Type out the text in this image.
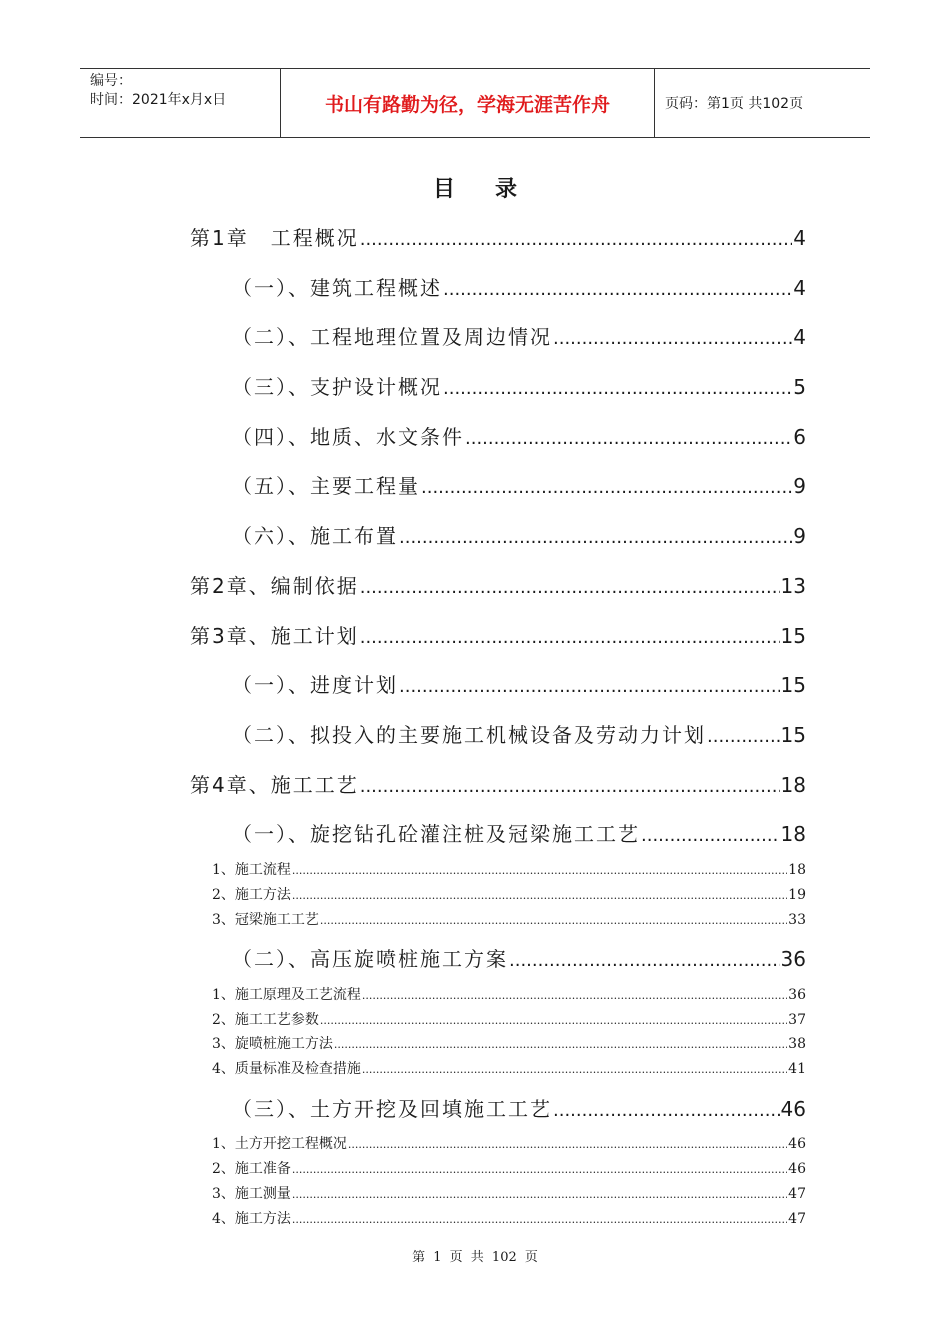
编号：
时间：2021年x月x日	书山有路勤为径，学海无涯苦作舟	页码：第1页 共102页
目录
第1章　工程概况 .....	4
（一）、建筑工程概述 .....	4
（二）、工程地理位置及周边情况 .....	4
（三）、支护设计概况 .....	5
（四）、地质、水文条件 .....	6
（五）、主要工程量 .....	9
（六）、施工布置 .....	9
第2章、编制依据 .....	13
第3章、施工计划 .....	15
（一）、进度计划 .....	15
（二）、拟投入的主要施工机械设备及劳动力计划 .....	15
第4章、施工工艺 .....	18
（一）、旋挖钻孔砼灌注桩及冠梁施工工艺 .....	18
1、施工流程 .....	18
2、施工方法 .....	19
3、冠梁施工工艺 .....	33
（二）、高压旋喷桩施工方案 .....	36
1、施工原理及工艺流程 .....	36
2、施工工艺参数 .....	37
3、旋喷桩施工方法 .....	38
4、质量标准及检查措施 .....	41
（三）、土方开挖及回填施工工艺 .....	46
1、土方开挖工程概况 .....	46
2、施工准备 .....	46
3、施工测量 .....	47
4、施工方法 .....	47
第 1 页 共 102 页
